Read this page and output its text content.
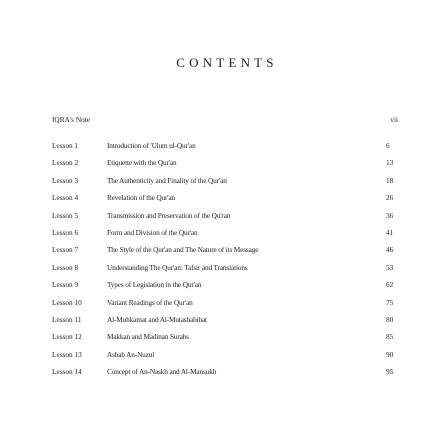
CONTENTS
IQRA's Note	vii
Lesson 1	Introduction of 'Ulum ul-Qur'an	6
Lesson 2	Etiquette with the Qur'an	13
Lesson 3	The Authenticity and Finality of the Qur'an	18
Lesson 4	Revelation of the Qur'an	26
Lesson 5	Transmission and Preservation of the Qu'ran	36
Lesson 6	Form and Division of the Qur'an	41
Lesson 7	The Style of the Qur'an and The Nature of its Message	46
Lesson 8	Understanding The Qur'an: Tafsir and Translations	53
Lesson 9	Types of Legislation in the Qur'an	62
Lesson 10	Variant Readings of the Qur'an	75
Lesson 11	Al-Muhkamat and Al-Mutashabihat	80
Lesson 12	Makkan and Madinan Surahs	85
Lesson 13	Asbab An-Nuzul	90
Lesson 14	Concept of An-Naskh and Al-Mansukh	95
